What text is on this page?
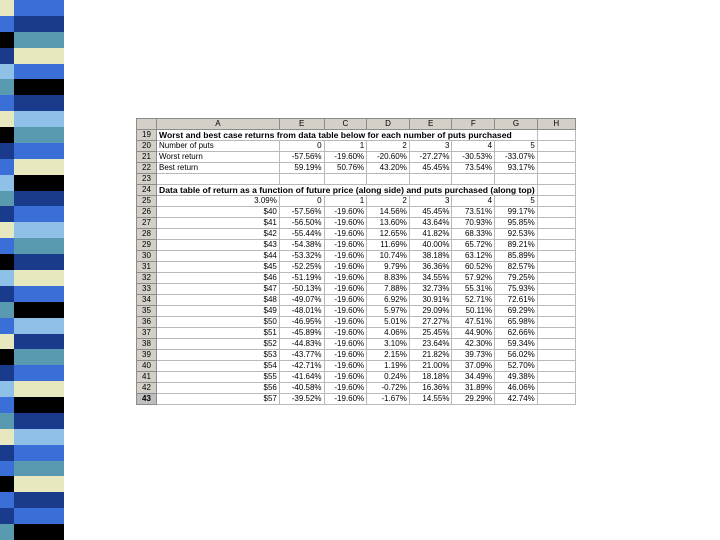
	A	E	C	D	E	F	G	H
19	Worst and best case returns from data table below for each number of puts purchased							
20	Number of puts	0	1	2	3	4	5	
21	Worst return	-57.56%	-19.60%	-20.60%	-27.27%	-30.53%	-33.07%	
22	Best return	59.19%	50.76%	43.20%	45.45%	73.54%	93.17%	
23								
24	Data table of return as a function of future price (along side) and puts purchased (along top)							
25	3.09%	0	1	2	3	4	5	
26	$40	-57.56%	-19.60%	14.56%	45.45%	73.51%	99.17%	
27	$41	-56.50%	-19.60%	13.60%	43.64%	70.93%	95.85%	
28	$42	-55.44%	-19.60%	12.65%	41.82%	68.33%	92.53%	
29	$43	-54.38%	-19.60%	11.69%	40.00%	65.72%	89.21%	
30	$44	-53.32%	-19.60%	10.74%	38.18%	63.12%	85.89%	
31	$45	-52.25%	-19.60%	9.79%	36.36%	60.52%	82.57%	
32	$46	-51.19%	-19.60%	8.83%	34.55%	57.92%	79.25%	
33	$47	-50.13%	-19.60%	7.88%	32.73%	55.31%	75.93%	
34	$48	-49.07%	-19.60%	6.92%	30.91%	52.71%	72.61%	
35	$49	-48.01%	-19.60%	5.97%	29.09%	50.11%	69.29%	
36	$50	-46.95%	-19.60%	5.01%	27.27%	47.51%	65.98%	
37	$51	-45.89%	-19.60%	4.06%	25.45%	44.90%	62.66%	
38	$52	-44.83%	-19.60%	3.10%	23.64%	42.30%	59.34%	
39	$53	-43.77%	-19.60%	2.15%	21.82%	39.73%	56.02%	
40	$54	-42.71%	-19.60%	1.19%	21.00%	37.09%	52.70%	
41	$55	-41.64%	-19.60%	0.24%	18.18%	34.49%	49.38%	
42	$56	-40.58%	-19.60%	-0.72%	16.36%	31.89%	46.06%	
43	$57	-39.52%	-19.60%	-1.67%	14.55%	29.29%	42.74%	
